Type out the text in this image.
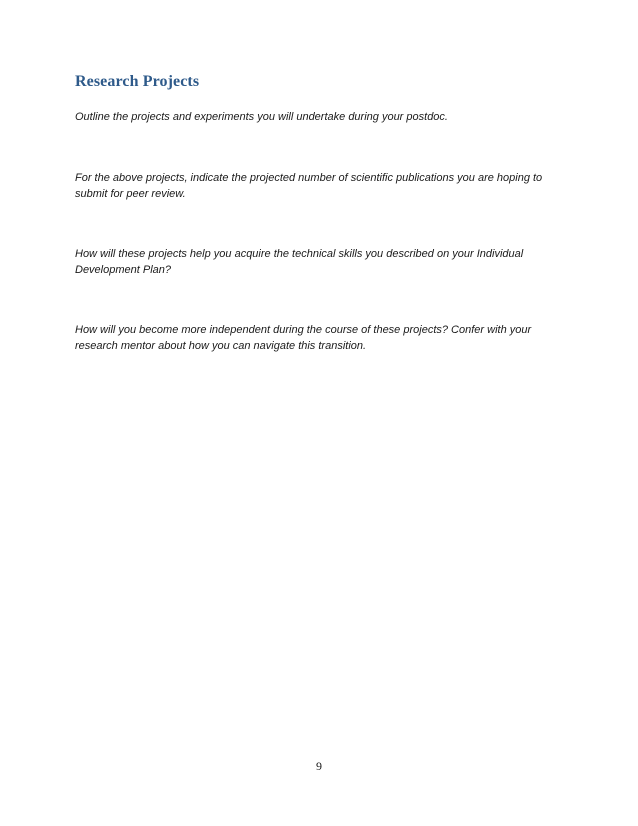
Research Projects

Outline the projects and experiments you will undertake during your postdoc.

For the above projects, indicate the projected number of scientific publications you are hoping to submit for peer review.

How will these projects help you acquire the technical skills you described on your Individual Development Plan?

How will you become more independent during the course of these projects? Confer with your research mentor about how you can navigate this transition.

9
